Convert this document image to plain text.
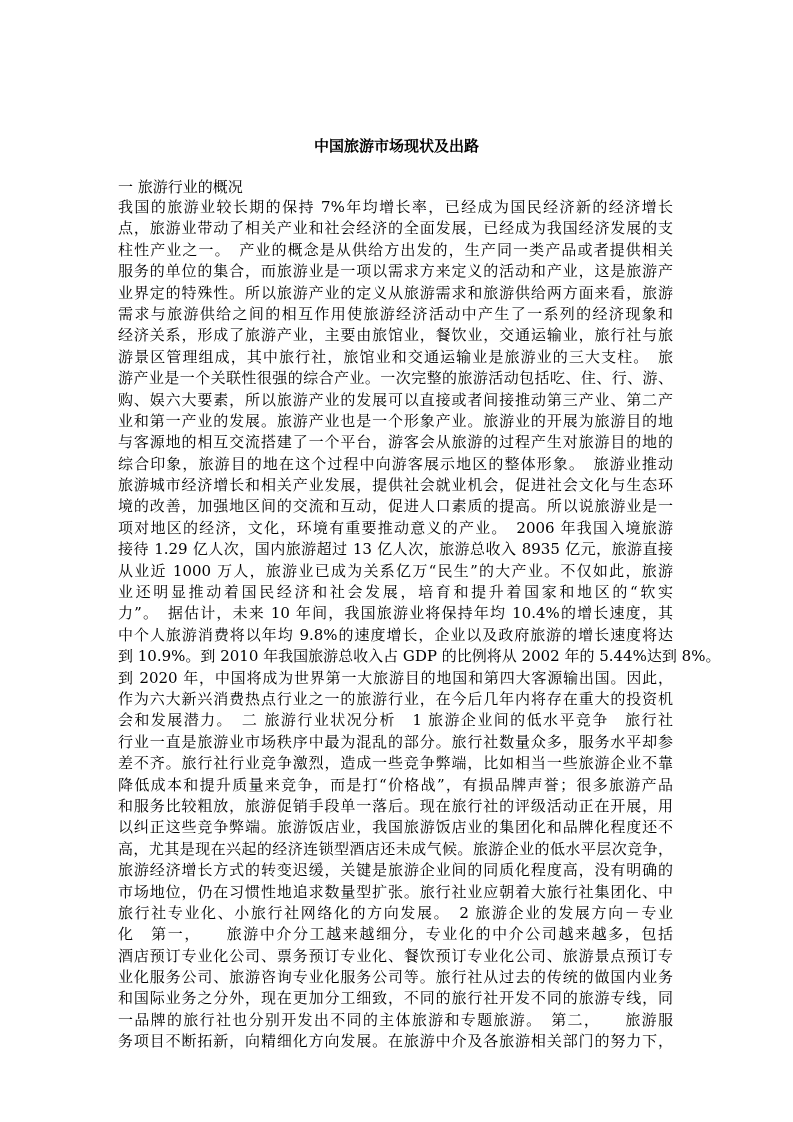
中国旅游市场现状及出路
一 旅游行业的概况
我国的旅游业较长期的保持 7%年均增长率，已经成为国民经济新的经济增长
点，旅游业带动了相关产业和社会经济的全面发展，已经成为我国经济发展的支
柱性产业之一。　产业的概念是从供给方出发的，生产同一类产品或者提供相关
服务的单位的集合，而旅游业是一项以需求方来定义的活动和产业，这是旅游产
业界定的特殊性。所以旅游产业的定义从旅游需求和旅游供给两方面来看，旅游
需求与旅游供给之间的相互作用使旅游经济活动中产生了一系列的经济现象和
经济关系，形成了旅游产业，主要由旅馆业，餐饮业，交通运输业，旅行社与旅
游景区管理组成，其中旅行社，旅馆业和交通运输业是旅游业的三大支柱。　旅
游产业是一个关联性很强的综合产业。一次完整的旅游活动包括吃、住、行、游、
购、娱六大要素，所以旅游产业的发展可以直接或者间接推动第三产业、第二产
业和第一产业的发展。旅游产业也是一个形象产业。旅游业的开展为旅游目的地
与客源地的相互交流搭建了一个平台，游客会从旅游的过程产生对旅游目的地的
综合印象，旅游目的地在这个过程中向游客展示地区的整体形象。　旅游业推动
旅游城市经济增长和相关产业发展，提供社会就业机会，促进社会文化与生态环
境的改善，加强地区间的交流和互动，促进人口素质的提高。所以说旅游业是一
项对地区的经济，文化，环境有重要推动意义的产业。　2006 年我国入境旅游
接待 1.29 亿人次，国内旅游超过 13 亿人次，旅游总收入 8935 亿元，旅游直接
从业近 1000 万人，旅游业已成为关系亿万“民生”的大产业。不仅如此，旅游
业还明显推动着国民经济和社会发展，培育和提升着国家和地区的“软实
力”。　据估计，未来 10 年间，我国旅游业将保持年均 10.4%的增长速度，其
中个人旅游消费将以年均 9.8%的速度增长，企业以及政府旅游的增长速度将达
到 10.9%。到 2010 年我国旅游总收入占 GDP 的比例将从 2002 年的 5.44%达到 8%。
到 2020 年，中国将成为世界第一大旅游目的地国和第四大客源输出国。因此，
作为六大新兴消费热点行业之一的旅游行业，在今后几年内将存在重大的投资机
会和发展潜力。　二 旅游行业状况分析　1 旅游企业间的低水平竞争　旅行社
行业一直是旅游业市场秩序中最为混乱的部分。旅行社数量众多，服务水平却参
差不齐。旅行社行业竞争激烈，造成一些竞争弊端，比如相当一些旅游企业不靠
降低成本和提升质量来竞争，而是打“价格战”，有损品牌声誉；很多旅游产品
和服务比较粗放，旅游促销手段单一落后。现在旅行社的评级活动正在开展，用
以纠正这些竞争弊端。旅游饭店业，我国旅游饭店业的集团化和品牌化程度还不
高，尤其是现在兴起的经济连锁型酒店还未成气候。旅游企业的低水平层次竞争，
旅游经济增长方式的转变迟缓，关键是旅游企业间的同质化程度高，没有明确的
市场地位，仍在习惯性地追求数量型扩张。旅行社业应朝着大旅行社集团化、中
旅行社专业化、小旅行社网络化的方向发展。　2 旅游企业的发展方向－专业
化　第一，　　旅游中介分工越来越细分，专业化的中介公司越来越多，包括
酒店预订专业化公司、票务预订专业化、餐饮预订专业化公司、旅游景点预订专
业化服务公司、旅游咨询专业化服务公司等。旅行社从过去的传统的做国内业务
和国际业务之分外，现在更加分工细致，不同的旅行社开发不同的旅游专线，同
一品牌的旅行社也分别开发出不同的主体旅游和专题旅游。　第二，　　旅游服
务项目不断拓新，向精细化方向发展。在旅游中介及各旅游相关部门的努力下，
